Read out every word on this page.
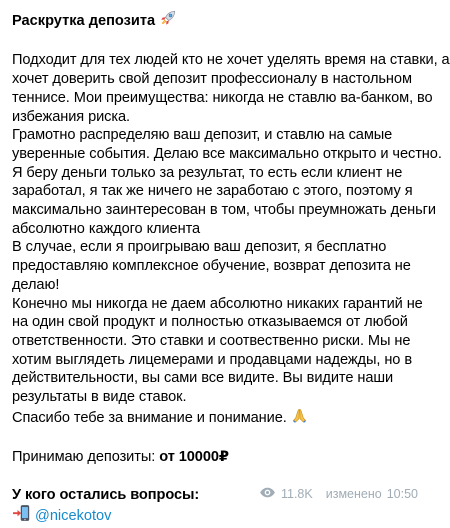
Раскрутка депозита
Подходит для тех людей кто не хочет уделять время на ставки, а
хочет доверить свой депозит профессионалу в настольном
теннисе. Мои преимущества: никогда не ставлю ва-банком, во
избежания риска.
Грамотно распределяю ваш депозит, и ставлю на самые
уверенные события. Делаю все максимально открыто и честно.
Я беру деньги только за результат, то есть если клиент не
заработал, я так же ничего не заработаю с этого, поэтому я
максимально заинтересован в том, чтобы преумножать деньги
абсолютно каждого клиента
В случае, если я проигрываю ваш депозит, я бесплатно
предоставляю комплексное обучение, возврат депозита не
делаю!
Конечно мы никогда не даем абсолютно никаких гарантий не
на один свой продукт и полностью отказываемся от любой
ответственности. Это ставки и соотвественно риски. Мы не
хотим выглядеть лицемерами и продавцами надежды, но в
действительности, вы сами все видите. Вы видите наши
результаты в виде ставок.
Спасибо тебе за внимание и понимание.
Принимаю депозиты: от 10000₽
У кого остались вопросы:
@nicekotov
11.8K изменено 10:50
